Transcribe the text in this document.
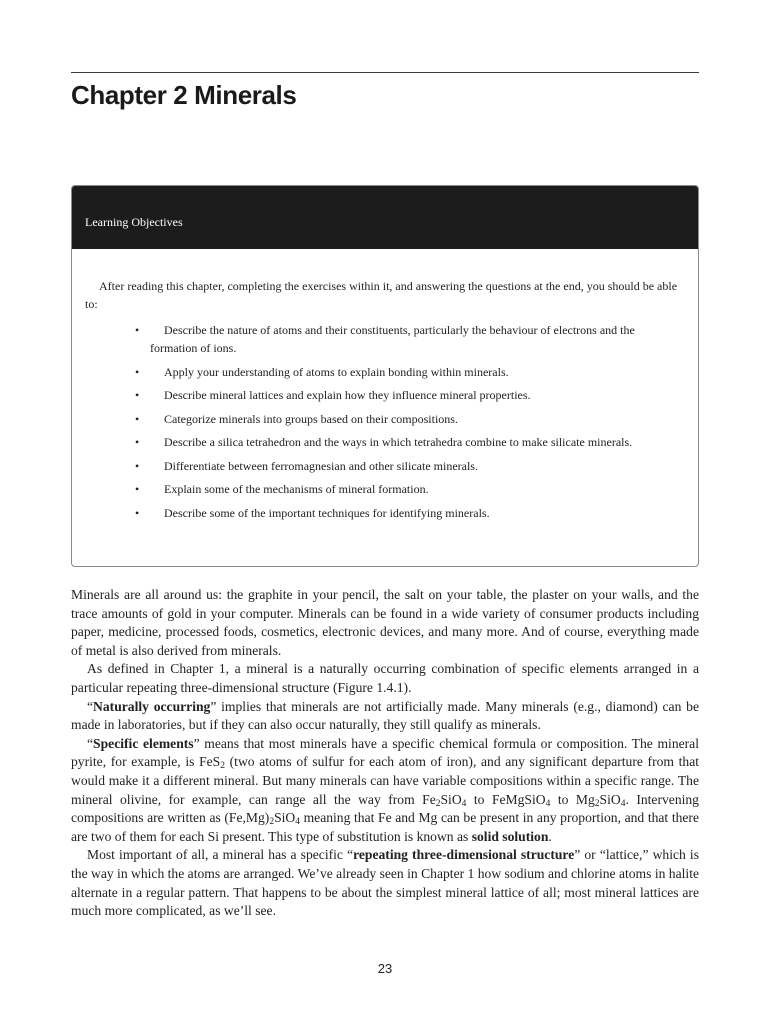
Chapter 2 Minerals
Learning Objectives

After reading this chapter, completing the exercises within it, and answering the questions at the end, you should be able to:

• Describe the nature of atoms and their constituents, particularly the behaviour of electrons and the formation of ions.
• Apply your understanding of atoms to explain bonding within minerals.
• Describe mineral lattices and explain how they influence mineral properties.
• Categorize minerals into groups based on their compositions.
• Describe a silica tetrahedron and the ways in which tetrahedra combine to make silicate minerals.
• Differentiate between ferromagnesian and other silicate minerals.
• Explain some of the mechanisms of mineral formation.
• Describe some of the important techniques for identifying minerals.

Minerals are all around us: the graphite in your pencil, the salt on your table, the plaster on your walls, and the trace amounts of gold in your computer. Minerals can be found in a wide variety of consumer products including paper, medicine, processed foods, cosmetics, electronic devices, and many more. And of course, everything made of metal is also derived from minerals.

As defined in Chapter 1, a mineral is a naturally occurring combination of specific elements arranged in a particular repeating three-dimensional structure (Figure 1.4.1).

“Naturally occurring” implies that minerals are not artificially made. Many minerals (e.g., diamond) can be made in laboratories, but if they can also occur naturally, they still qualify as minerals.

“Specific elements” means that most minerals have a specific chemical formula or composition. The mineral pyrite, for example, is FeS$_2$ (two atoms of sulfur for each atom of iron), and any significant departure from that would make it a different mineral. But many minerals can have variable compositions within a specific range. The mineral olivine, for example, can range all the way from $Fe_2SiO_4$ to FeMgSiO$_4$ to $Mg_2SiO_4$. Intervening compositions are written as $(Fe,Mg)_2SiO_4$ meaning that Fe and Mg can be present in any proportion, and that there are two of them for each Si present. This type of substitution is known as solid solution.

Most important of all, a mineral has a specific “repeating three-dimensional structure” or “lattice,” which is the way in which the atoms are arranged. We’ve already seen in Chapter 1 how sodium and chlorine atoms in halite alternate in a regular pattern. That happens to be about the simplest mineral lattice of all; most mineral lattices are much more complicated, as we’ll see.

23
